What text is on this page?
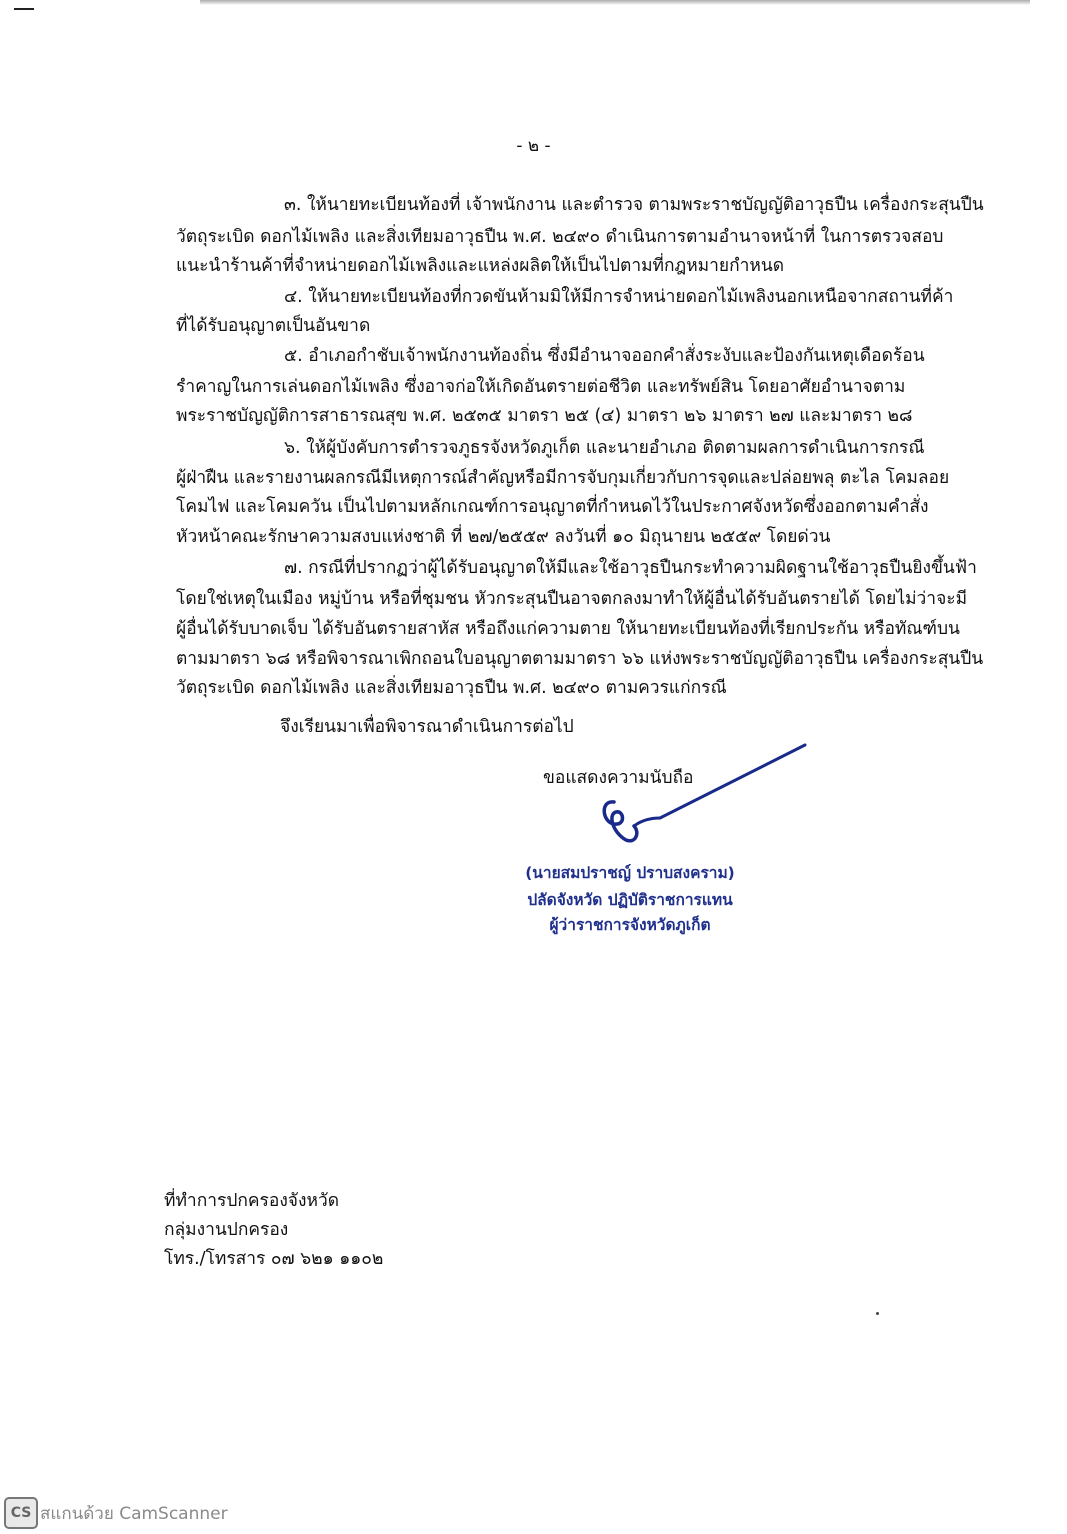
- ๒ -
๓. ให้นายทะเบียนท้องที่ เจ้าพนักงาน และตำรวจ ตามพระราชบัญญัติอาวุธปืน เครื่องกระสุนปืน
วัตถุระเบิด ดอกไม้เพลิง และสิ่งเทียมอาวุธปืน พ.ศ. ๒๔๙๐ ดำเนินการตามอำนาจหน้าที่ ในการตรวจสอบ
แนะนำร้านค้าที่จำหน่ายดอกไม้เพลิงและแหล่งผลิตให้เป็นไปตามที่กฎหมายกำหนด
๔. ให้นายทะเบียนท้องที่กวดขันห้ามมิให้มีการจำหน่ายดอกไม้เพลิงนอกเหนือจากสถานที่ค้า
ที่ได้รับอนุญาตเป็นอันขาด
๕. อำเภอกำชับเจ้าพนักงานท้องถิ่น ซึ่งมีอำนาจออกคำสั่งระงับและป้องกันเหตุเดือดร้อน
รำคาญในการเล่นดอกไม้เพลิง ซึ่งอาจก่อให้เกิดอันตรายต่อชีวิต และทรัพย์สิน โดยอาศัยอำนาจตาม
พระราชบัญญัติการสาธารณสุข พ.ศ. ๒๕๓๕ มาตรา ๒๕ (๔) มาตรา ๒๖ มาตรา ๒๗ และมาตรา ๒๘
๖. ให้ผู้บังคับการตำรวจภูธรจังหวัดภูเก็ต และนายอำเภอ ติดตามผลการดำเนินการกรณี
ผู้ฝ่าฝืน และรายงานผลกรณีมีเหตุการณ์สำคัญหรือมีการจับกุมเกี่ยวกับการจุดและปล่อยพลุ ตะไล โคมลอย
โคมไฟ และโคมควัน เป็นไปตามหลักเกณฑ์การอนุญาตที่กำหนดไว้ในประกาศจังหวัดซึ่งออกตามคำสั่ง
หัวหน้าคณะรักษาความสงบแห่งชาติ ที่ ๒๗/๒๕๕๙ ลงวันที่ ๑๐ มิถุนายน ๒๕๕๙ โดยด่วน
๗. กรณีที่ปรากฏว่าผู้ได้รับอนุญาตให้มีและใช้อาวุธปืนกระทำความผิดฐานใช้อาวุธปืนยิงขึ้นฟ้า
โดยใช่เหตุในเมือง หมู่บ้าน หรือที่ชุมชน หัวกระสุนปืนอาจตกลงมาทำให้ผู้อื่นได้รับอันตรายได้ โดยไม่ว่าจะมี
ผู้อื่นได้รับบาดเจ็บ ได้รับอันตรายสาหัส หรือถึงแก่ความตาย ให้นายทะเบียนท้องที่เรียกประกัน หรือทัณฑ์บน
ตามมาตรา ๖๘ หรือพิจารณาเพิกถอนใบอนุญาตตามมาตรา ๖๖ แห่งพระราชบัญญัติอาวุธปืน เครื่องกระสุนปืน
วัตถุระเบิด ดอกไม้เพลิง และสิ่งเทียมอาวุธปืน พ.ศ. ๒๔๙๐ ตามควรแก่กรณี
จึงเรียนมาเพื่อพิจารณาดำเนินการต่อไป
ขอแสดงความนับถือ
(นายสมปราชญ์ ปราบสงคราม)
ปลัดจังหวัด ปฏิบัติราชการแทน
ผู้ว่าราชการจังหวัดภูเก็ต
ที่ทำการปกครองจังหวัด
กลุ่มงานปกครอง
โทร./โทรสาร ๐๗ ๖๒๑ ๑๑๐๒
CS สแกนด้วย CamScanner
